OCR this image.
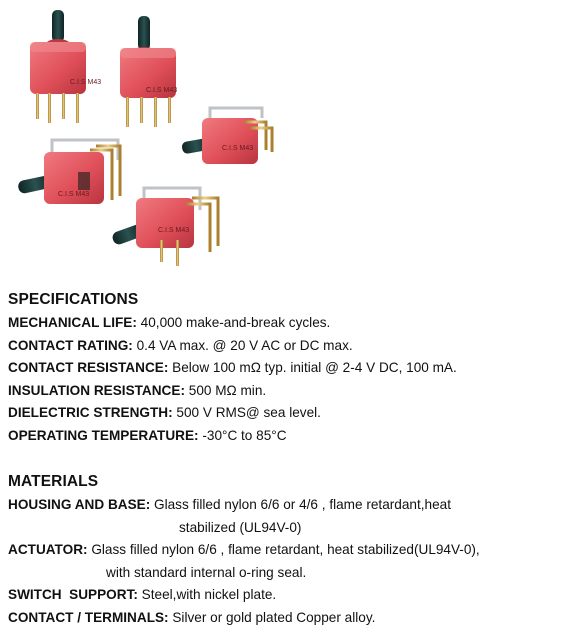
C.I.S M43
C.I.S M43
C.I.S M43
C.I.S M43
C.I.S M43
SPECIFICATIONS
MECHANICAL LIFE: 40,000 make-and-break cycles.
CONTACT RATING: 0.4 VA max. @ 20 V AC or DC max.
CONTACT RESISTANCE: Below 100 mΩ typ. initial @ 2-4 V DC, 100 mA.
INSULATION RESISTANCE: 500 MΩ min.
DIELECTRIC STRENGTH: 500 V RMS@ sea level.
OPERATING TEMPERATURE: -30°C to 85°C
MATERIALS
HOUSING AND BASE: Glass filled nylon 6/6 or 4/6 , flame retardant,heat
stabilized (UL94V-0)
ACTUATOR: Glass filled nylon 6/6 , flame retardant, heat stabilized(UL94V-0),
with standard internal o-ring seal.
SWITCH  SUPPORT: Steel,with nickel plate.
CONTACT / TERMINALS: Silver or gold plated Copper alloy.
